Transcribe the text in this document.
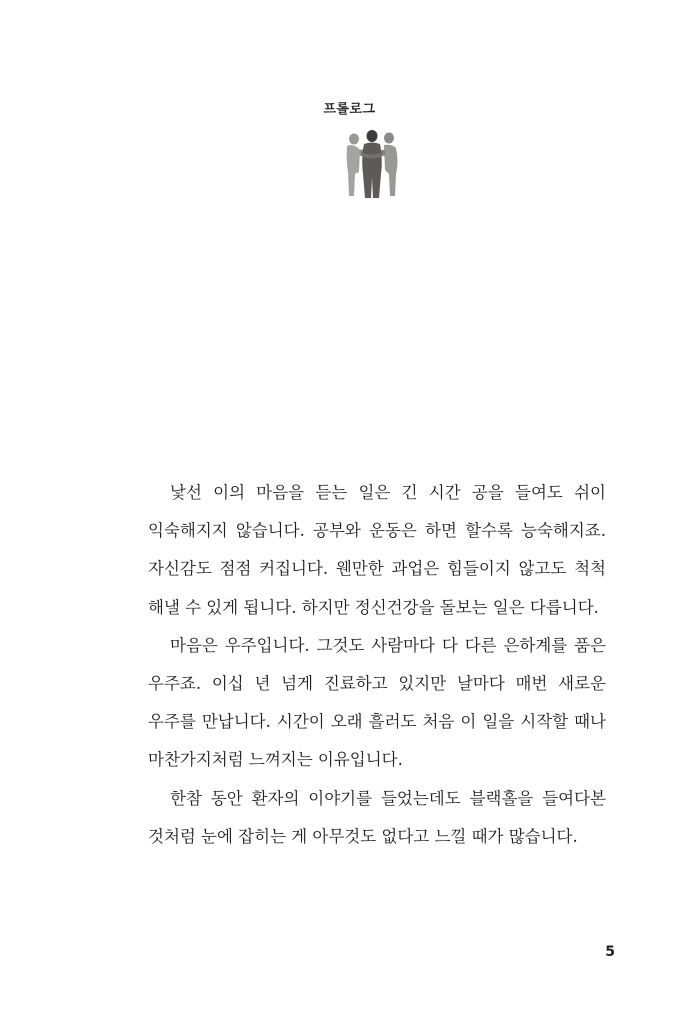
프롤로그

낯선 이의 마음을 듣는 일은 긴 시간 공을 들여도 쉬이 익숙해지지 않습니다. 공부와 운동은 하면 할수록 능숙해지죠. 자신감도 점점 커집니다. 웬만한 과업은 힘들이지 않고도 척척 해낼 수 있게 됩니다. 하지만 정신건강을 돌보는 일은 다릅니다.

마음은 우주입니다. 그것도 사람마다 다 다른 은하계를 품은 우주죠. 이십 년 넘게 진료하고 있지만 날마다 매번 새로운 우주를 만납니다. 시간이 오래 흘러도 처음 이 일을 시작할 때나 마찬가지처럼 느껴지는 이유입니다.

한참 동안 환자의 이야기를 들었는데도 블랙홀을 들여다본 것처럼 눈에 잡히는 게 아무것도 없다고 느낄 때가 많습니다.

5
